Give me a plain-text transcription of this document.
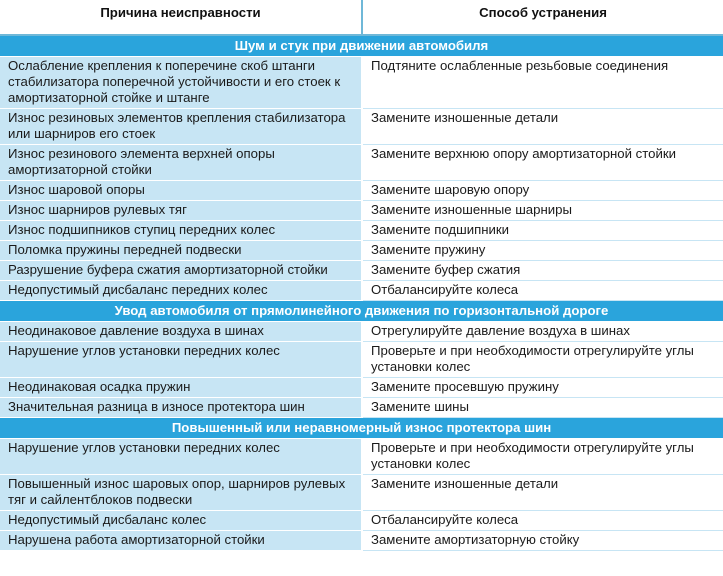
Причина неисправности	Способ устранения
Шум и стук при движении автомобиля	
Ослабление крепления к поперечине скоб штанги стабилизатора поперечной устойчивости и его стоек к амортизаторной стойке и штанге	Подтяните ослабленные резьбовые соединения
Износ резиновых элементов крепления стабилизатора или шарниров его стоек	Замените изношенные детали
Износ резинового элемента верхней опоры амортизаторной стойки	Замените верхнюю опору амортизаторной стойки
Износ шаровой опоры	Замените шаровую опору
Износ шарниров рулевых тяг	Замените изношенные шарниры
Износ подшипников ступиц передних колес	Замените подшипники
Поломка пружины передней подвески	Замените пружину
Разрушение буфера сжатия амортизаторной стойки	Замените буфер сжатия
Недопустимый дисбаланс передних колес	Отбалансируйте колеса
Увод автомобиля от прямолинейного движения по горизонтальной дороге	
Неодинаковое давление воздуха в шинах	Отрегулируйте давление воздуха в шинах
Нарушение углов установки передних колес	Проверьте и при необходимости отрегулируйте углы установки колес
Неодинаковая осадка пружин	Замените просевшую пружину
Значительная разница в износе протектора шин	Замените шины
Повышенный или неравномерный износ протектора шин	
Нарушение углов установки передних колес	Проверьте и при необходимости отрегулируйте углы установки колес
Повышенный износ шаровых опор, шарниров рулевых тяг и сайлентблоков подвески	Замените изношенные детали
Недопустимый дисбаланс колес	Отбалансируйте колеса
Нарушена работа амортизаторной стойки	Замените амортизаторную стойку
